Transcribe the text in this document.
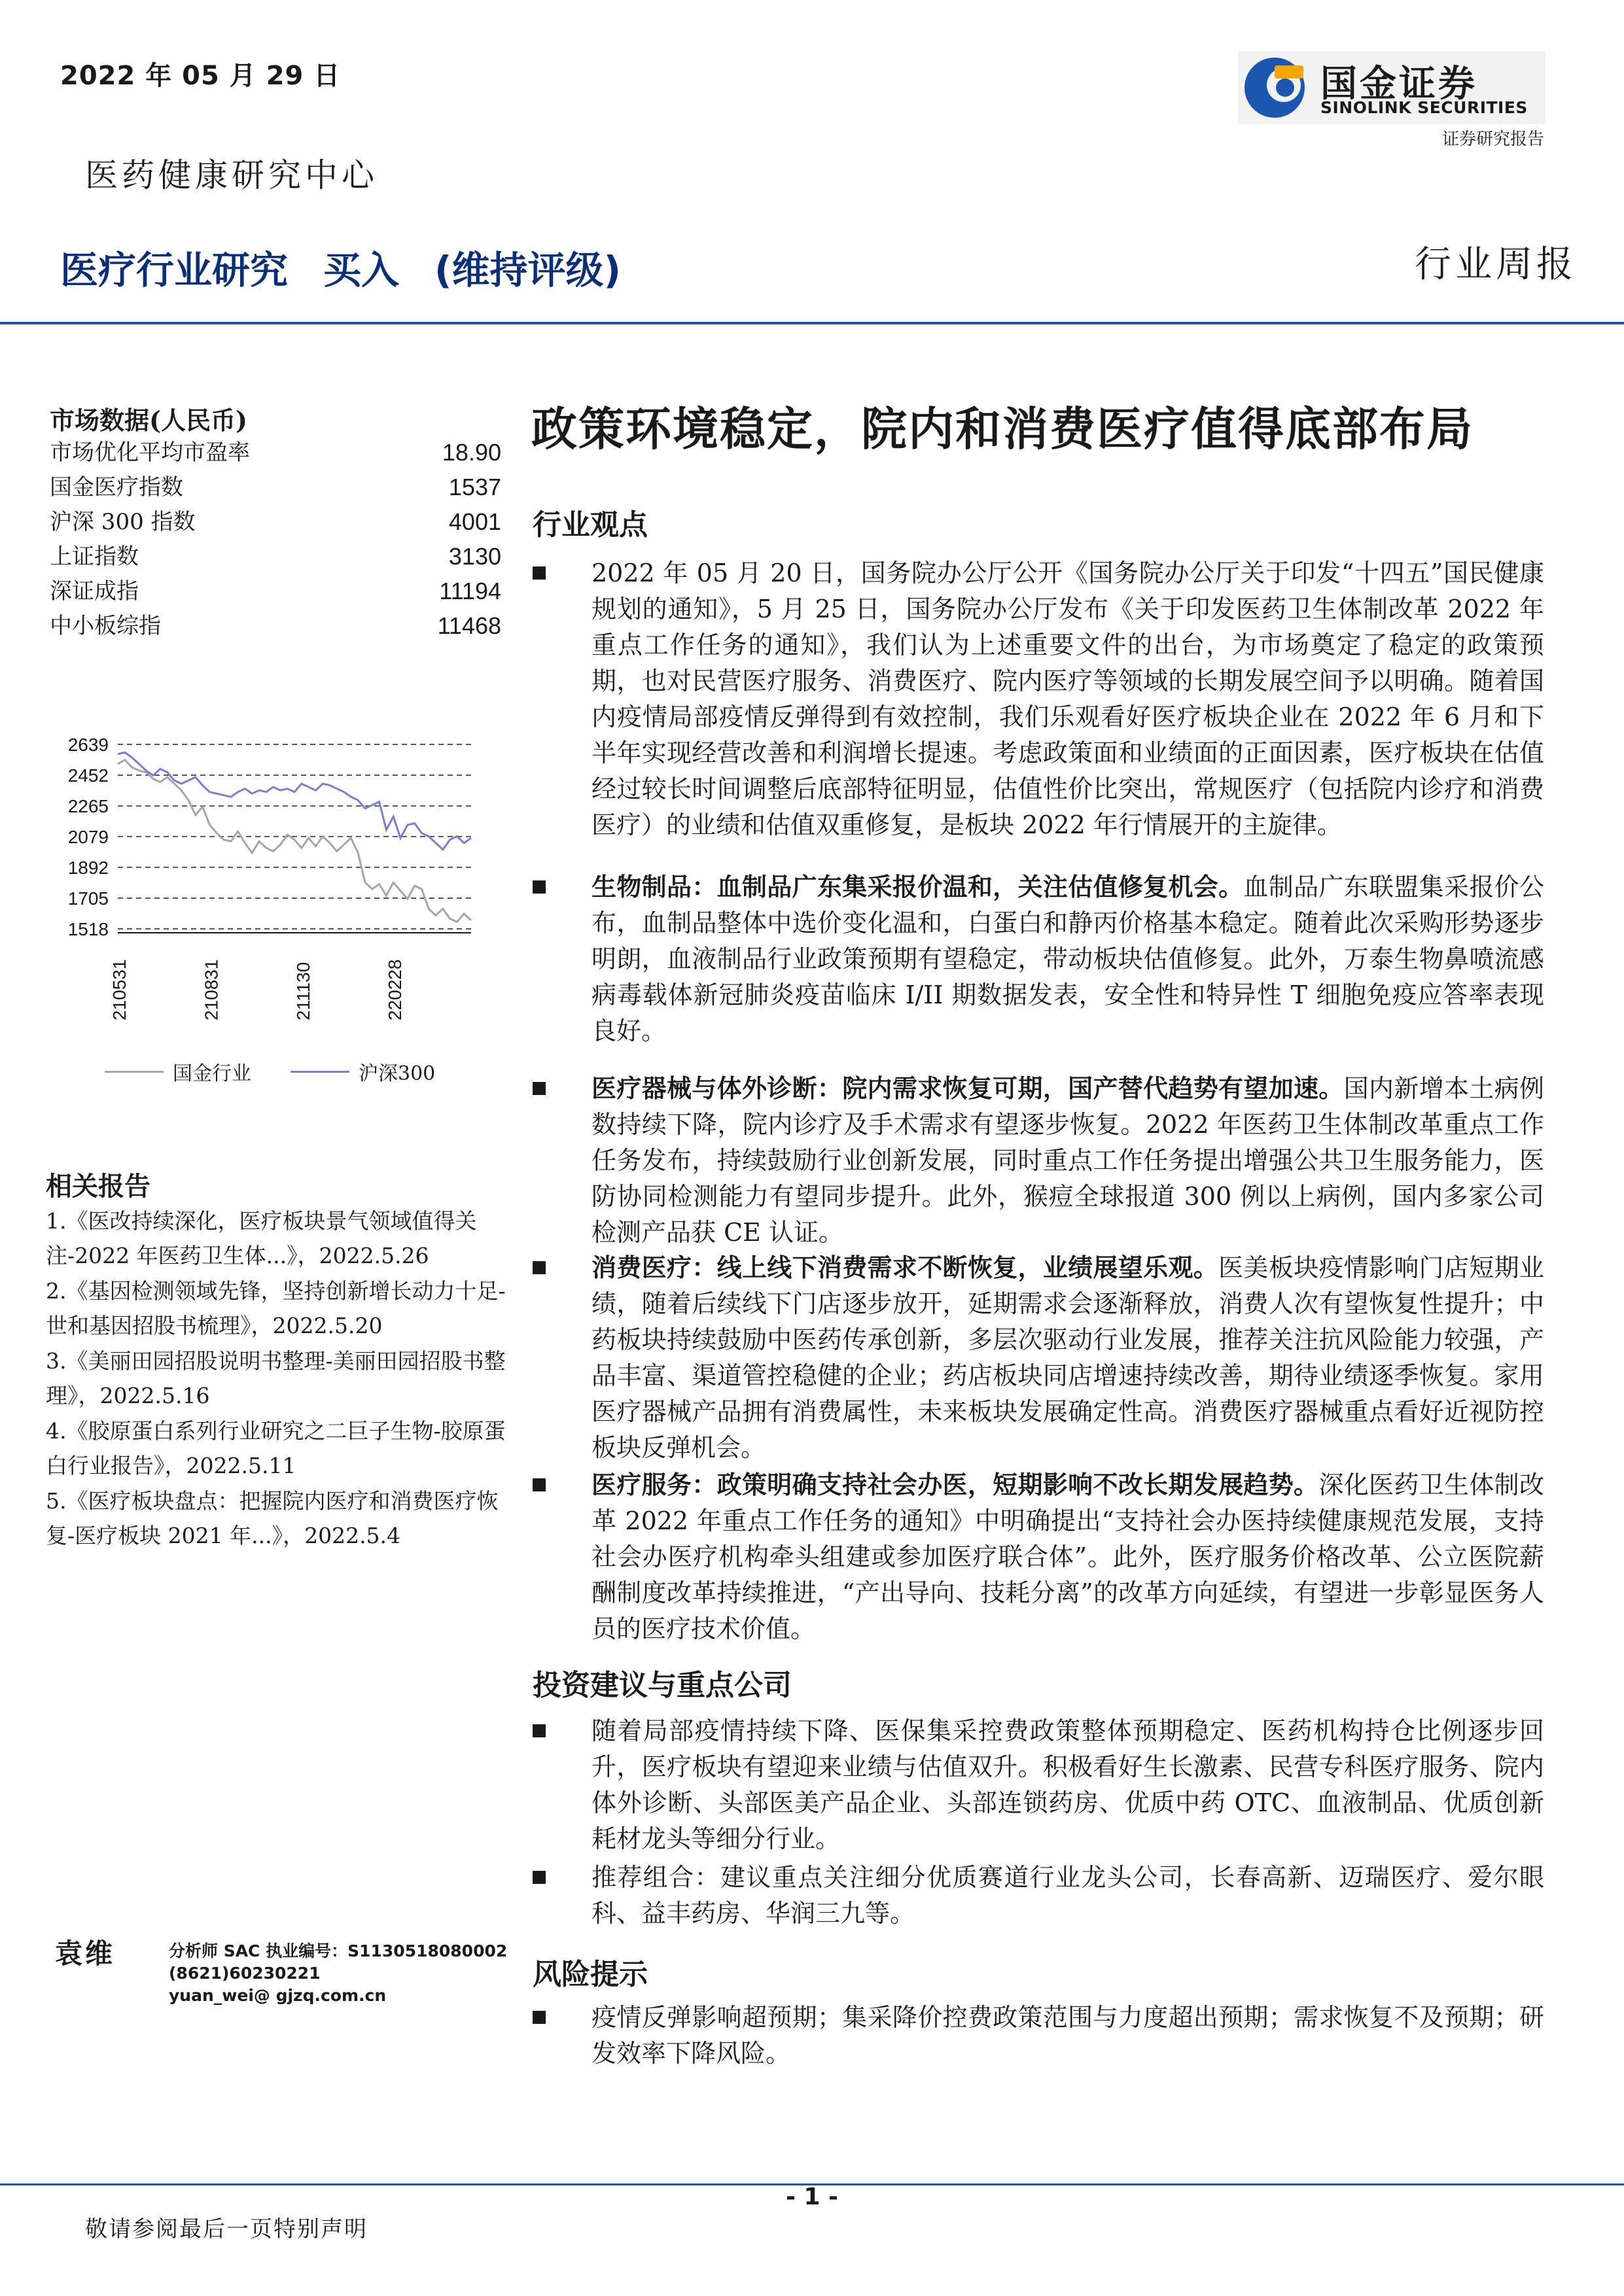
2022 年 05 月 29 日
医药健康研究中心
医疗行业研究 买入 (维持评级)	行业周报
国金证券
SINOLINK SECURITIES
证券研究报告
市场数据(人民币)
市场优化平均市盈率	18.90
国金医疗指数	1537
沪深 300 指数	4001
上证指数	3130
深证成指	11194
中小板综指	11468
2639
2452
2265
2079
1892
1705
1518
210531	210831	211130	220228
国金行业	沪深300
相关报告
1.《医改持续深化，医疗板块景气领域值得关注-2022 年医药卫生体...》，2022.5.26
2.《基因检测领域先锋，坚持创新增长动力十足-世和基因招股书梳理》，2022.5.20
3.《美丽田园招股说明书整理-美丽田园招股书整理》，2022.5.16
4.《胶原蛋白系列行业研究之二巨子生物-胶原蛋白行业报告》，2022.5.11
5.《医疗板块盘点：把握院内医疗和消费医疗恢复-医疗板块 2021 年...》，2022.5.4
袁维	分析师 SAC 执业编号：S1130518080002
(8621)60230221
yuan_wei@ gjzq.com.cn
政策环境稳定，院内和消费医疗值得底部布局
行业观点
2022 年 05 月 20 日，国务院办公厅公开《国务院办公厅关于印发“十四五”国民健康规划的通知》，5 月 25 日，国务院办公厅发布《关于印发医药卫生体制改革 2022 年重点工作任务的通知》，我们认为上述重要文件的出台，为市场奠定了稳定的政策预期，也对民营医疗服务、消费医疗、院内医疗等领域的长期发展空间予以明确。随着国内疫情局部疫情反弹得到有效控制，我们乐观看好医疗板块企业在 2022 年 6 月和下半年实现经营改善和利润增长提速。考虑政策面和业绩面的正面因素，医疗板块在估值经过较长时间调整后底部特征明显，估值性价比突出，常规医疗（包括院内诊疗和消费医疗）的业绩和估值双重修复，是板块 2022 年行情展开的主旋律。
生物制品：血制品广东集采报价温和，关注估值修复机会。血制品广东联盟集采报价公布，血制品整体中选价变化温和，白蛋白和静丙价格基本稳定。随着此次采购形势逐步明朗，血液制品行业政策预期有望稳定，带动板块估值修复。此外，万泰生物鼻喷流感病毒载体新冠肺炎疫苗临床 I/II 期数据发表，安全性和特异性 T 细胞免疫应答率表现良好。
医疗器械与体外诊断：院内需求恢复可期，国产替代趋势有望加速。国内新增本土病例数持续下降，院内诊疗及手术需求有望逐步恢复。2022 年医药卫生体制改革重点工作任务发布，持续鼓励行业创新发展，同时重点工作任务提出增强公共卫生服务能力，医防协同检测能力有望同步提升。此外，猴痘全球报道 300 例以上病例，国内多家公司检测产品获 CE 认证。
消费医疗：线上线下消费需求不断恢复，业绩展望乐观。医美板块疫情影响门店短期业绩，随着后续线下门店逐步放开，延期需求会逐渐释放，消费人次有望恢复性提升；中药板块持续鼓励中医药传承创新，多层次驱动行业发展，推荐关注抗风险能力较强，产品丰富、渠道管控稳健的企业；药店板块同店增速持续改善，期待业绩逐季恢复。家用医疗器械产品拥有消费属性，未来板块发展确定性高。消费医疗器械重点看好近视防控板块反弹机会。
医疗服务：政策明确支持社会办医，短期影响不改长期发展趋势。深化医药卫生体制改革 2022 年重点工作任务的通知》中明确提出“支持社会办医持续健康规范发展，支持社会办医疗机构牵头组建或参加医疗联合体”。此外，医疗服务价格改革、公立医院薪酬制度改革持续推进，“产出导向、技耗分离”的改革方向延续，有望进一步彰显医务人员的医疗技术价值。
投资建议与重点公司
随着局部疫情持续下降、医保集采控费政策整体预期稳定、医药机构持仓比例逐步回升，医疗板块有望迎来业绩与估值双升。积极看好生长激素、民营专科医疗服务、院内体外诊断、头部医美产品企业、头部连锁药房、优质中药 OTC、血液制品、优质创新耗材龙头等细分行业。
推荐组合：建议重点关注细分优质赛道行业龙头公司，长春高新、迈瑞医疗、爱尔眼科、益丰药房、华润三九等。
风险提示
疫情反弹影响超预期；集采降价控费政策范围与力度超出预期；需求恢复不及预期；研发效率下降风险。
- 1 -
敬请参阅最后一页特别声明
